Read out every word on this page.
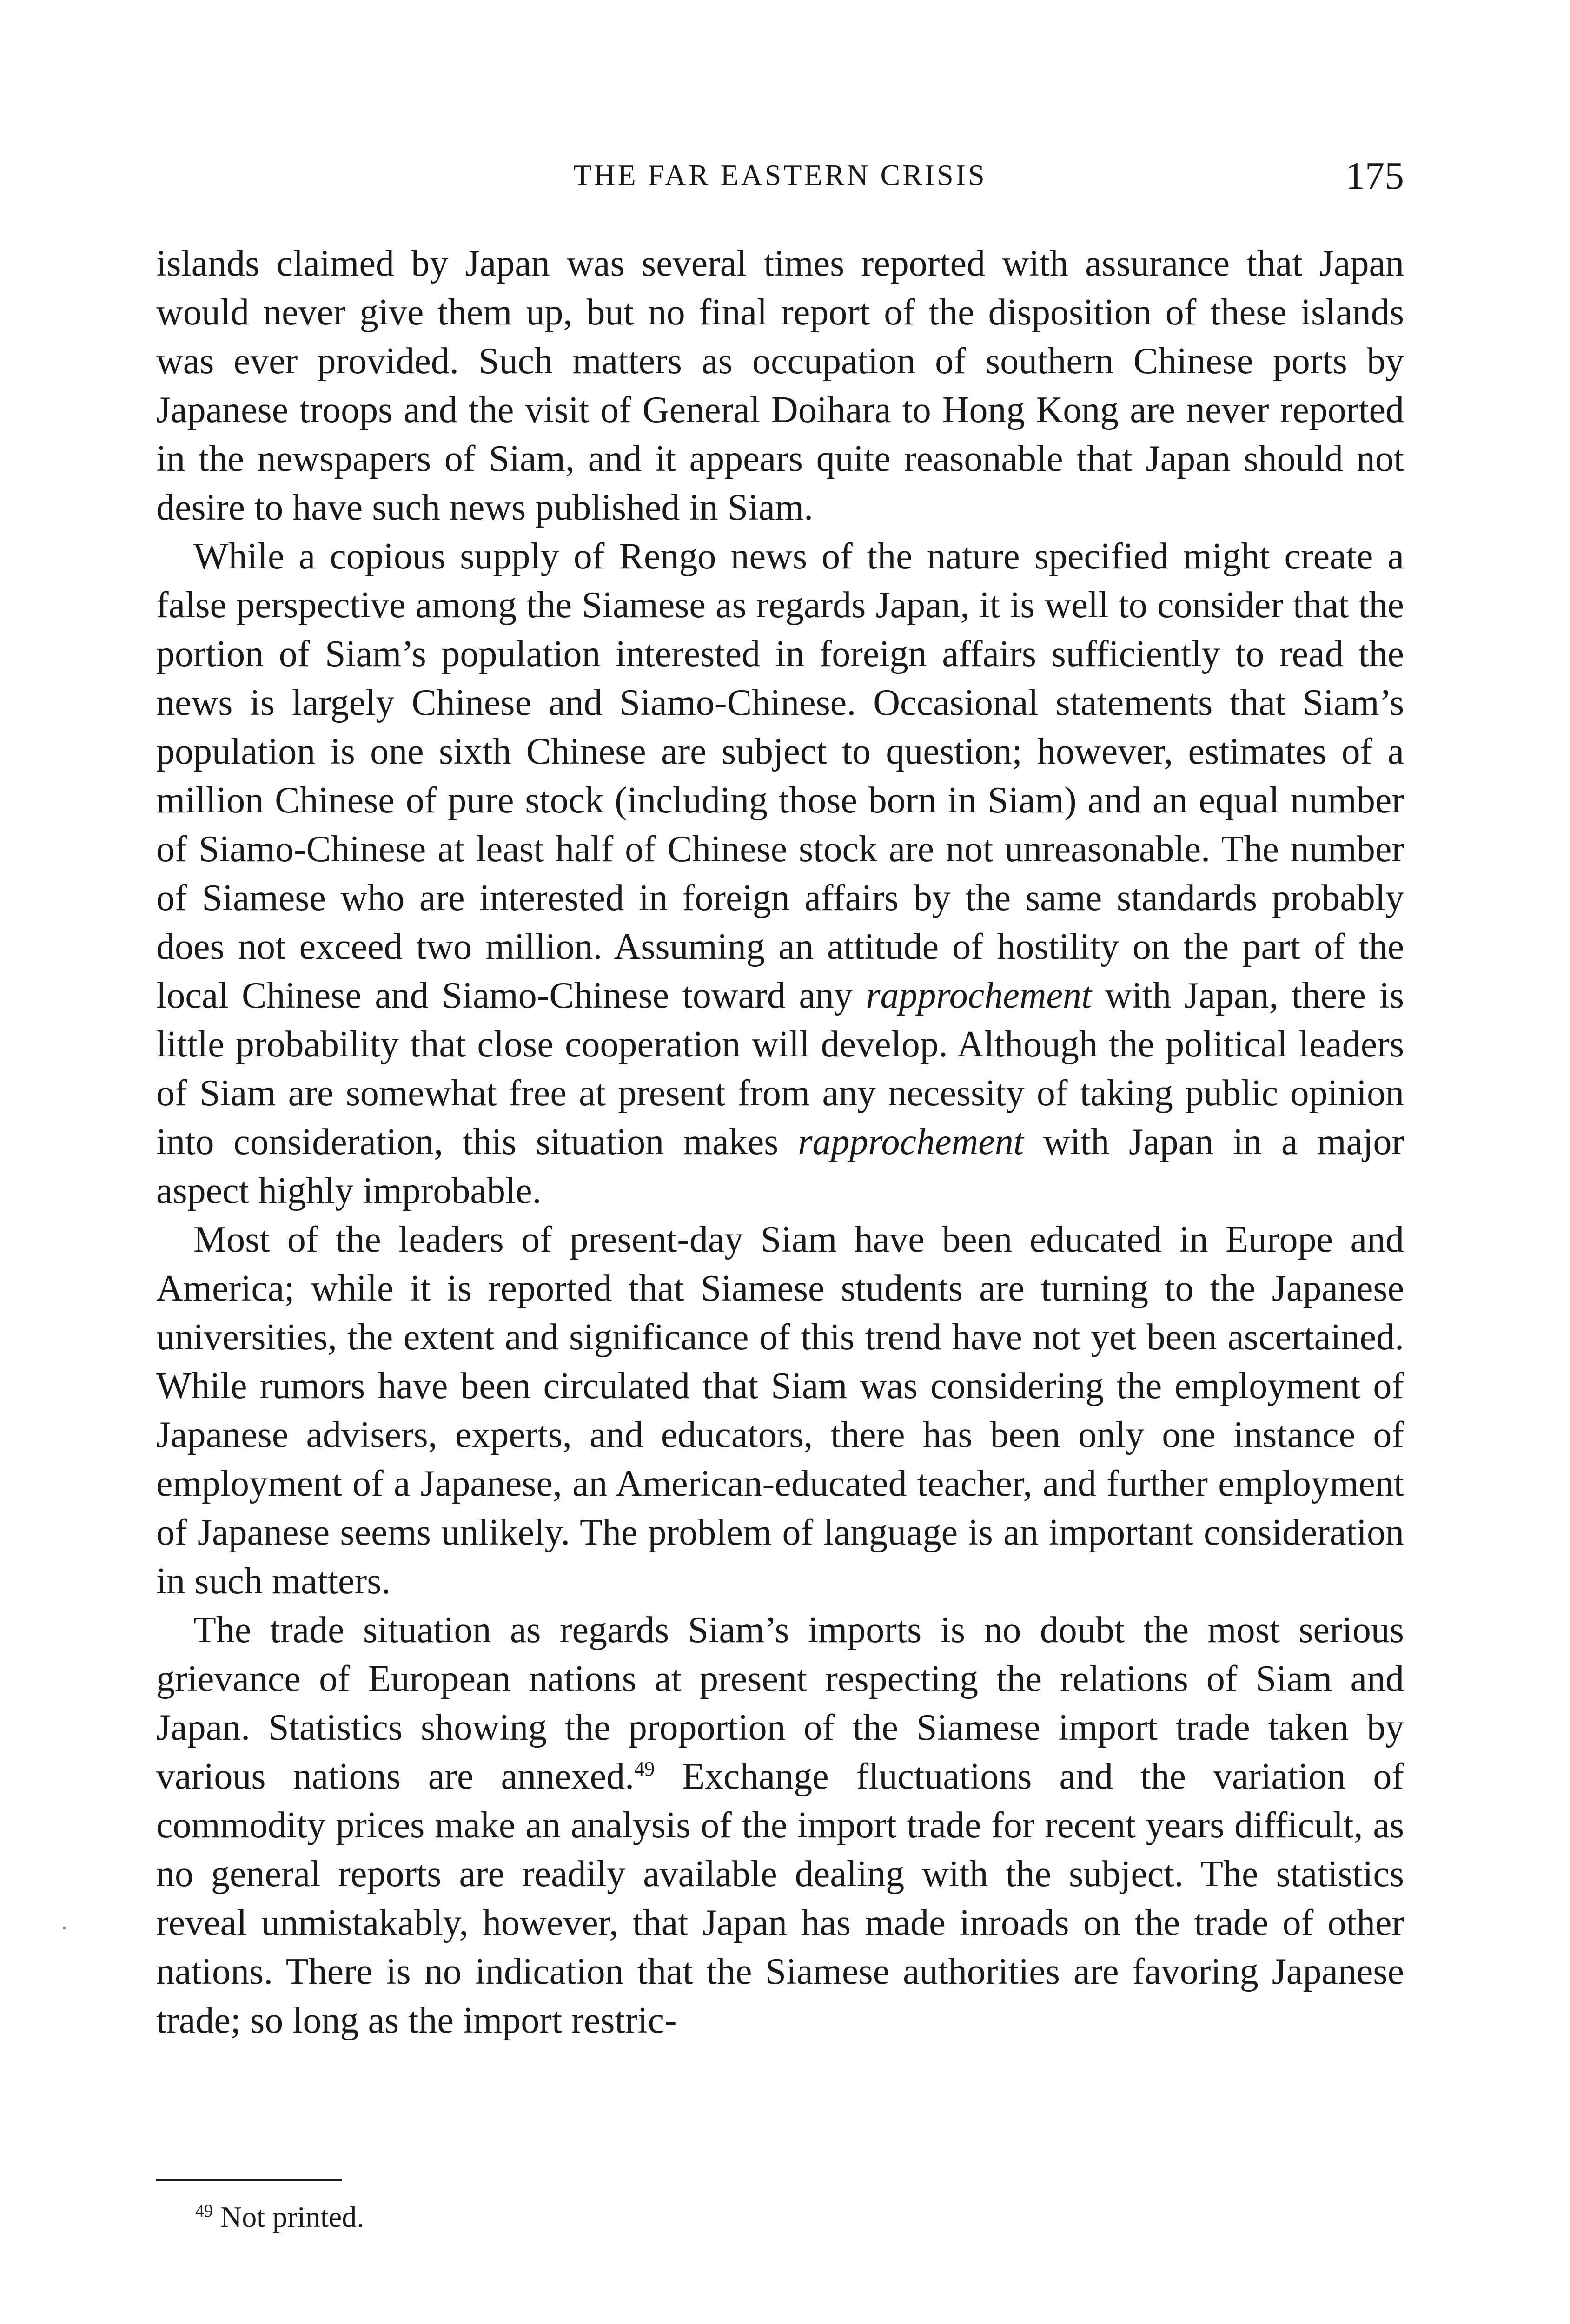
THE FAR EASTERN CRISIS	175

islands claimed by Japan was several times reported with assurance that Japan would never give them up, but no final report of the disposition of these islands was ever provided. Such matters as occupation of southern Chinese ports by Japanese troops and the visit of General Doihara to Hong Kong are never reported in the newspapers of Siam, and it appears quite reasonable that Japan should not desire to have such news published in Siam.

While a copious supply of Rengo news of the nature specified might create a false perspective among the Siamese as regards Japan, it is well to consider that the portion of Siam’s population interested in foreign affairs sufficiently to read the news is largely Chinese and Siamo-Chinese. Occasional statements that Siam’s population is one sixth Chinese are subject to question; however, estimates of a million Chinese of pure stock (including those born in Siam) and an equal number of Siamo-Chinese at least half of Chinese stock are not unreasonable. The number of Siamese who are interested in foreign affairs by the same standards probably does not exceed two million. Assuming an attitude of hostility on the part of the local Chinese and Siamo-Chinese toward any rapprochement with Japan, there is little probability that close cooperation will develop. Although the political leaders of Siam are somewhat free at present from any necessity of taking public opinion into consideration, this situation makes rapprochement with Japan in a major aspect highly improbable.

Most of the leaders of present-day Siam have been educated in Europe and America; while it is reported that Siamese students are turning to the Japanese universities, the extent and significance of this trend have not yet been ascertained. While rumors have been circulated that Siam was considering the employment of Japanese advisers, experts, and educators, there has been only one instance of employment of a Japanese, an American-educated teacher, and further employment of Japanese seems unlikely. The problem of language is an important consideration in such matters.

The trade situation as regards Siam’s imports is no doubt the most serious grievance of European nations at present respecting the relations of Siam and Japan. Statistics showing the proportion of the Siamese import trade taken by various nations are annexed.$^{49}$ Exchange fluctuations and the variation of commodity prices make an analysis of the import trade for recent years difficult, as no general reports are readily available dealing with the subject. The statistics reveal unmistakably, however, that Japan has made inroads on the trade of other nations. There is no indication that the Siamese authorities are favoring Japanese trade; so long as the import restric-

$^{49}$ Not printed.
